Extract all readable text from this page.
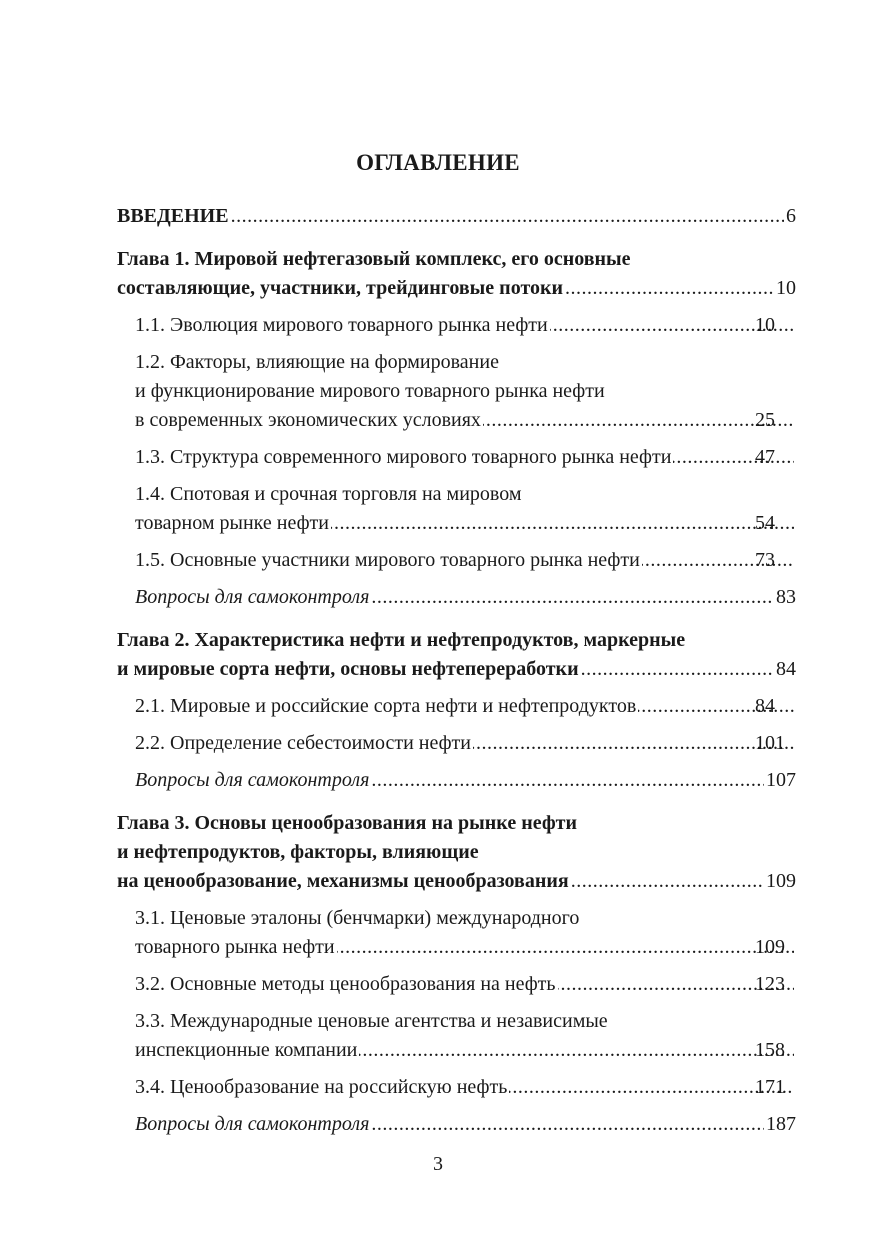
ОГЛАВЛЕНИЕ
ВВЕДЕНИЕ .....	6
Глава 1. Мировой нефтегазовый комплекс, его основные
составляющие, участники, трейдинговые потоки .....	10
1.1. Эволюция мирового товарного рынка нефти .....	10
1.2. Факторы, влияющие на формирование
и функционирование мирового товарного рынка нефти
в современных экономических условиях .....	25
1.3. Структура современного мирового товарного рынка нефти .....	47
1.4. Спотовая и срочная торговля на мировом
товарном рынке нефти .....	54
1.5. Основные участники мирового товарного рынка нефти .....	73
Вопросы для самоконтроля .....	83
Глава 2. Характеристика нефти и нефтепродуктов, маркерные
и мировые сорта нефти, основы нефтепереработки .....	84
2.1. Мировые и российские сорта нефти и нефтепродуктов .....	84
2.2. Определение себестоимости нефти .....	101
Вопросы для самоконтроля .....	107
Глава 3. Основы ценообразования на рынке нефти
и нефтепродуктов, факторы, влияющие
на ценообразование, механизмы ценообразования .....	109
3.1. Ценовые эталоны (бенчмарки) международного
товарного рынка нефти .....	109
3.2. Основные методы ценообразования на нефть .....	123
3.3. Международные ценовые агентства и независимые
инспекционные компании .....	158
3.4. Ценообразование на российскую нефть .....	171
Вопросы для самоконтроля .....	187
3
